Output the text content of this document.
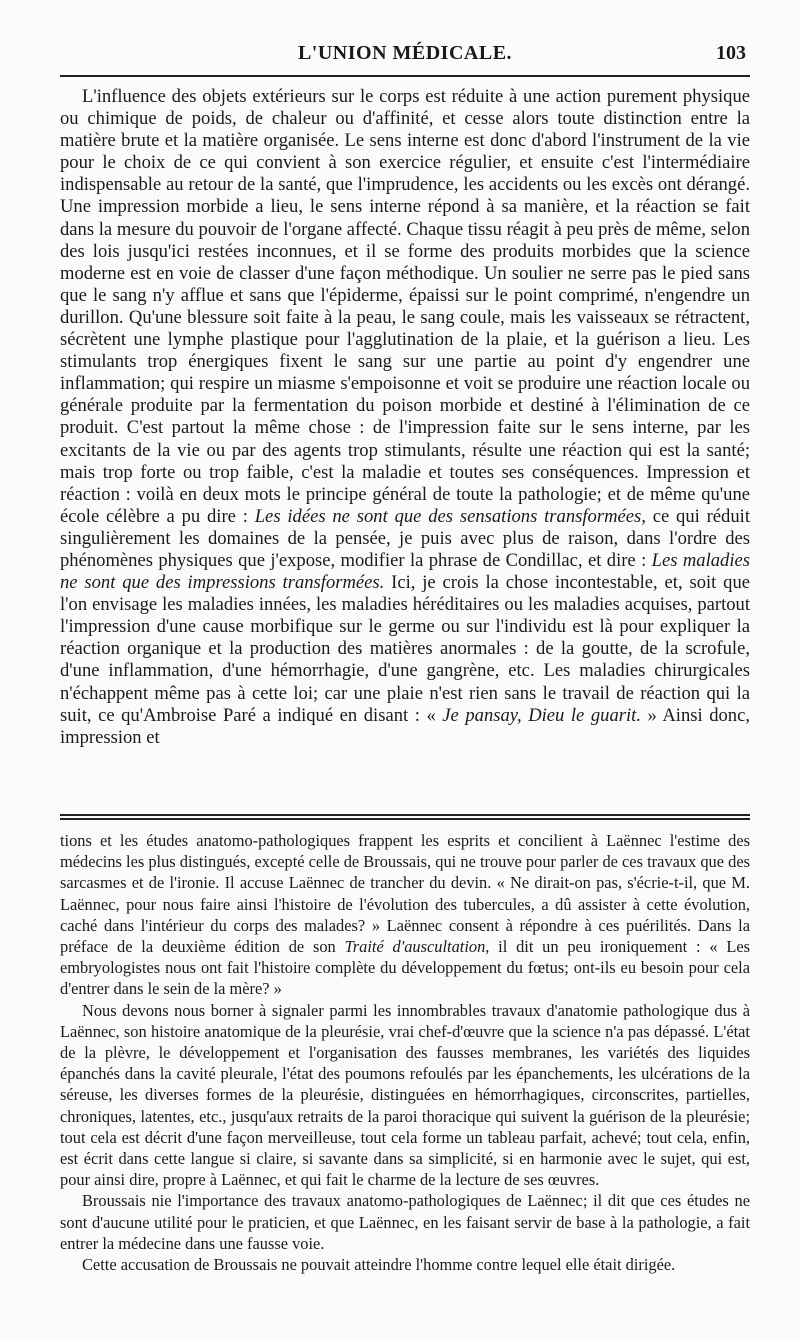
L'UNION MÉDICALE.	103

L'influence des objets extérieurs sur le corps est réduite à une action purement physique ou chimique de poids, de chaleur ou d'affinité, et cesse alors toute distinction entre la matière brute et la matière organisée. Le sens interne est donc d'abord l'instrument de la vie pour le choix de ce qui convient à son exercice régulier, et ensuite c'est l'intermédiaire indispensable au retour de la santé, que l'imprudence, les accidents ou les excès ont dérangé. Une impression morbide a lieu, le sens interne répond à sa manière, et la réaction se fait dans la mesure du pouvoir de l'organe affecté. Chaque tissu réagit à peu près de même, selon des lois jusqu'ici restées inconnues, et il se forme des produits morbides que la science moderne est en voie de classer d'une façon méthodique. Un soulier ne serre pas le pied sans que le sang n'y afflue et sans que l'épiderme, épaissi sur le point comprimé, n'engendre un durillon. Qu'une blessure soit faite à la peau, le sang coule, mais les vaisseaux se rétractent, sécrètent une lymphe plastique pour l'agglutination de la plaie, et la guérison a lieu. Les stimulants trop énergiques fixent le sang sur une partie au point d'y engendrer une inflammation; qui respire un miasme s'empoisonne et voit se produire une réaction locale ou générale produite par la fermentation du poison morbide et destiné à l'élimination de ce produit. C'est partout la même chose : de l'impression faite sur le sens interne, par les excitants de la vie ou par des agents trop stimulants, résulte une réaction qui est la santé; mais trop forte ou trop faible, c'est la maladie et toutes ses conséquences. Impression et réaction : voilà en deux mots le principe général de toute la pathologie; et de même qu'une école célèbre a pu dire : Les idées ne sont que des sensations transformées, ce qui réduit singulièrement les domaines de la pensée, je puis avec plus de raison, dans l'ordre des phénomènes physiques que j'expose, modifier la phrase de Condillac, et dire : Les maladies ne sont que des impressions transformées. Ici, je crois la chose incontestable, et, soit que l'on envisage les maladies innées, les maladies héréditaires ou les maladies acquises, partout l'impression d'une cause morbifique sur le germe ou sur l'individu est là pour expliquer la réaction organique et la production des matières anormales : de la goutte, de la scrofule, d'une inflammation, d'une hémorrhagie, d'une gangrène, etc. Les maladies chirurgicales n'échappent même pas à cette loi; car une plaie n'est rien sans le travail de réaction qui la suit, ce qu'Ambroise Paré a indiqué en disant : « Je pansay, Dieu le guarit. » Ainsi donc, impression et

tions et les études anatomo-pathologiques frappent les esprits et concilient à Laënnec l'estime des médecins les plus distingués, excepté celle de Broussais, qui ne trouve pour parler de ces travaux que des sarcasmes et de l'ironie. Il accuse Laënnec de trancher du devin. « Ne dirait-on pas, s'écrie-t-il, que M. Laënnec, pour nous faire ainsi l'histoire de l'évolution des tubercules, a dû assister à cette évolution, caché dans l'intérieur du corps des malades? » Laënnec consent à répondre à ces puérilités. Dans la préface de la deuxième édition de son Traité d'auscultation, il dit un peu ironiquement : « Les embryologistes nous ont fait l'histoire complète du développement du fœtus; ont-ils eu besoin pour cela d'entrer dans le sein de la mère? »

Nous devons nous borner à signaler parmi les innombrables travaux d'anatomie pathologique dus à Laënnec, son histoire anatomique de la pleurésie, vrai chef-d'œuvre que la science n'a pas dépassé. L'état de la plèvre, le développement et l'organisation des fausses membranes, les variétés des liquides épanchés dans la cavité pleurale, l'état des poumons refoulés par les épanchements, les ulcérations de la séreuse, les diverses formes de la pleurésie, distinguées en hémorrhagiques, circonscrites, partielles, chroniques, latentes, etc., jusqu'aux retraits de la paroi thoracique qui suivent la guérison de la pleurésie; tout cela est décrit d'une façon merveilleuse, tout cela forme un tableau parfait, achevé; tout cela, enfin, est écrit dans cette langue si claire, si savante dans sa simplicité, si en harmonie avec le sujet, qui est, pour ainsi dire, propre à Laënnec, et qui fait le charme de la lecture de ses œuvres.

Broussais nie l'importance des travaux anatomo-pathologiques de Laënnec; il dit que ces études ne sont d'aucune utilité pour le praticien, et que Laënnec, en les faisant servir de base à la pathologie, a fait entrer la médecine dans une fausse voie.

Cette accusation de Broussais ne pouvait atteindre l'homme contre lequel elle était dirigée.
